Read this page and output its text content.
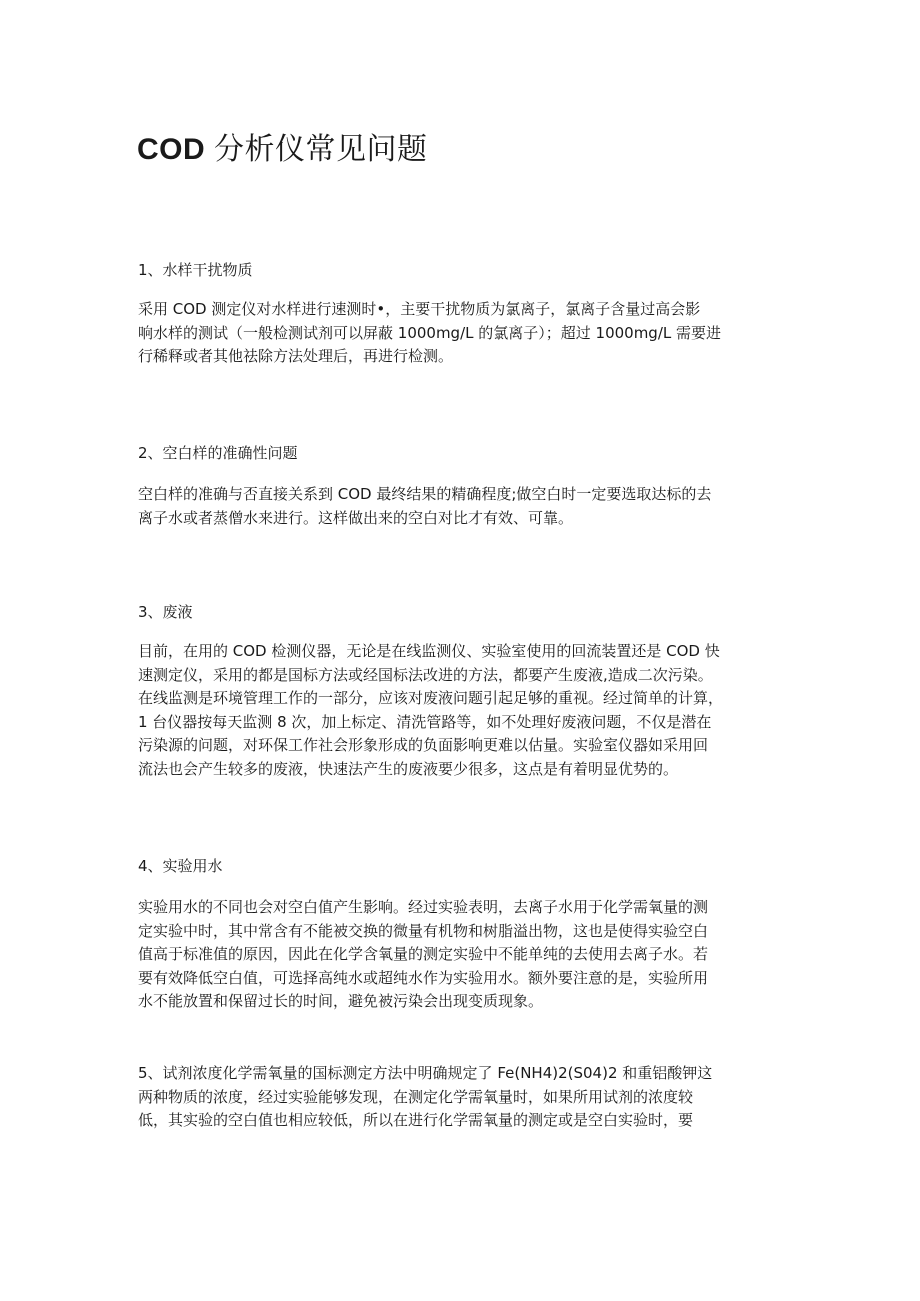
COD 分析仪常见问题
1、水样干扰物质
采用 COD 测定仪对水样进行速测时•，主要干扰物质为氯离子，氯离子含量过高会影
响水样的测试（一般检测试剂可以屏蔽 1000mg/L 的氯离子）；超过 1000mg/L 需要进
行稀释或者其他祛除方法处理后，再进行检测。
2、空白样的准确性问题
空白样的准确与否直接关系到 COD 最终结果的精确程度;做空白时一定要选取达标的去
离子水或者蒸僧水来进行。这样做出来的空白对比才有效、可靠。
3、废液
目前，在用的 COD 检测仪器，无论是在线监测仪、实验室使用的回流装置还是 COD 快
速测定仪，采用的都是国标方法或经国标法改进的方法，都要产生废液,造成二次污染。
在线监测是环境管理工作的一部分，应该对废液问题引起足够的重视。经过简单的计算，
1 台仪器按每天监测 8 次，加上标定、清洗管路等，如不处理好废液问题，不仅是潜在
污染源的问题，对环保工作社会形象形成的负面影响更难以估量。实验室仪器如采用回
流法也会产生较多的废液，快速法产生的废液要少很多，这点是有着明显优势的。
4、实验用水
实验用水的不同也会对空白值产生影响。经过实验表明，去离子水用于化学需氧量的测
定实验中时，其中常含有不能被交换的微量有机物和树脂溢出物，这也是使得实验空白
值高于标准值的原因，因此在化学含氧量的测定实验中不能单纯的去使用去离子水。若
要有效降低空白值，可选择高纯水或超纯水作为实验用水。额外要注意的是，实验所用
水不能放置和保留过长的时间，避免被污染会出现变质现象。
5、试剂浓度化学需氧量的国标测定方法中明确规定了 Fe(NH4)2(S04)2 和重铝酸钾这
两种物质的浓度，经过实验能够发现，在测定化学需氧量时，如果所用试剂的浓度较
低，其实验的空白值也相应较低，所以在进行化学需氧量的测定或是空白实验时，要
